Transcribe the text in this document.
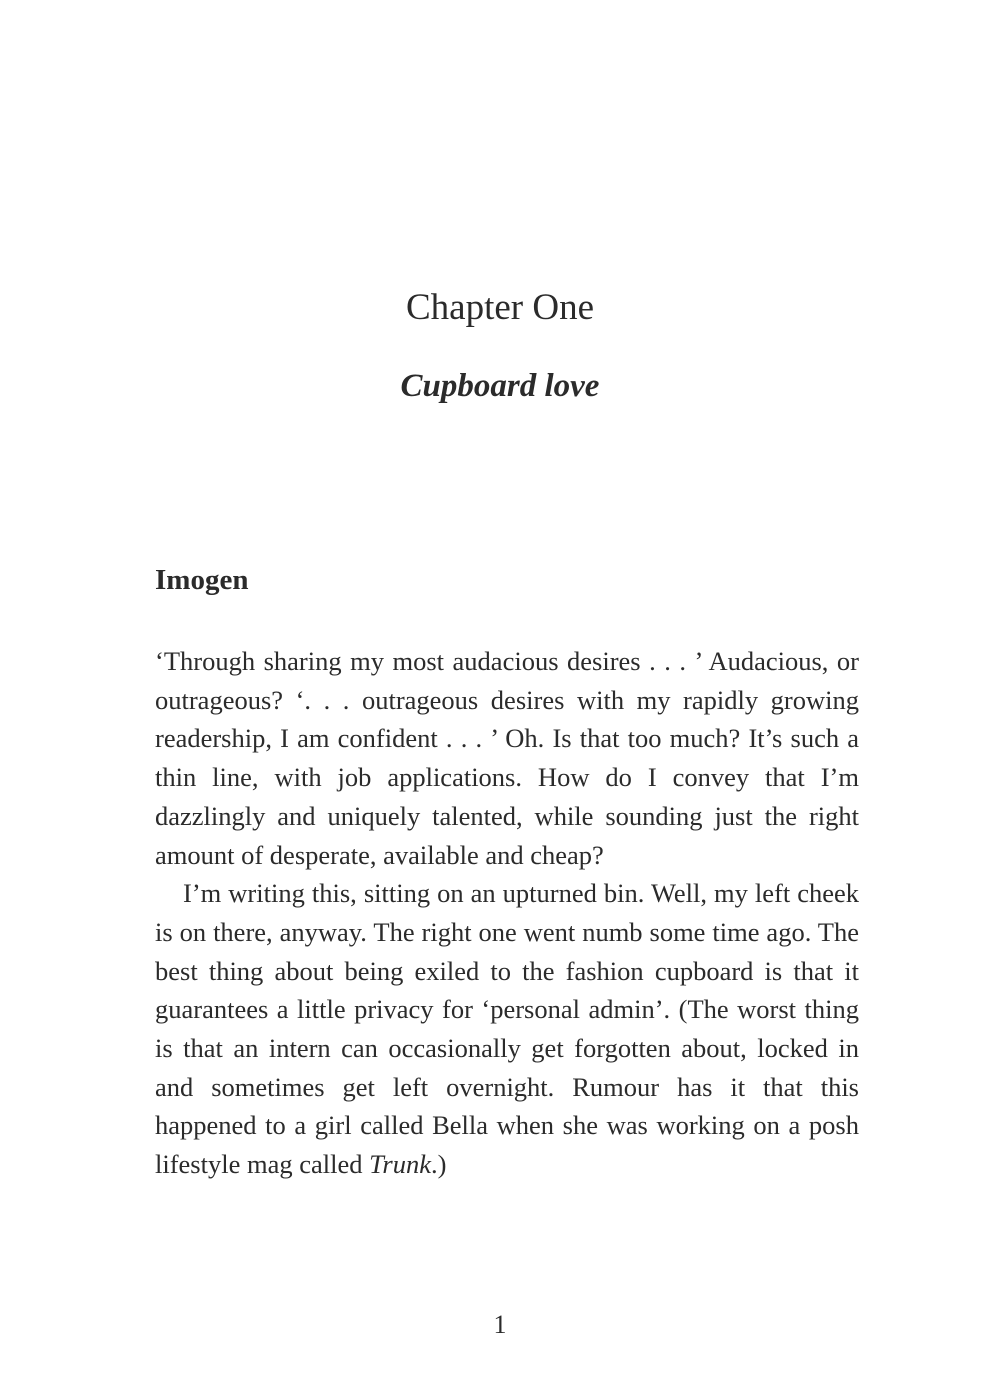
Chapter One
Cupboard love
Imogen

‘Through sharing my most audacious desires . . . ’ Audacious, or outrageous? ‘. . . outrageous desires with my rapidly growing readership, I am confident . . . ’ Oh. Is that too much? It’s such a thin line, with job applications. How do I convey that I’m dazzlingly and uniquely talented, while sounding just the right amount of desperate, available and cheap?

I’m writing this, sitting on an upturned bin. Well, my left cheek is on there, anyway. The right one went numb some time ago. The best thing about being exiled to the fashion cupboard is that it guarantees a little privacy for ‘personal admin’. (The worst thing is that an intern can occasionally get forgotten about, locked in and sometimes get left overnight. Rumour has it that this happened to a girl called Bella when she was working on a posh lifestyle mag called Trunk.)

1
